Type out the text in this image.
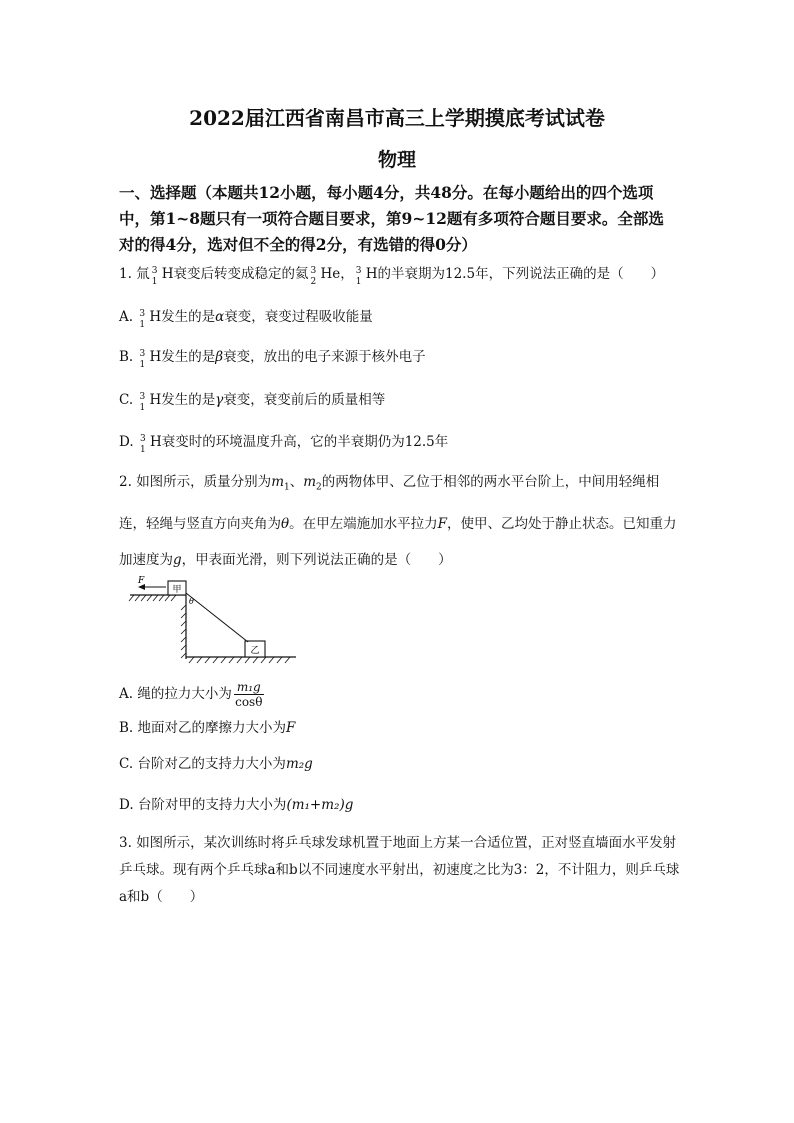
2022届江西省南昌市高三上学期摸底考试试卷
物理
一、选择题（本题共12小题，每小题4分，共48分。在每小题给出的四个选项中，第1~8题只有一项符合题目要求，第9~12题有多项符合题目要求。全部选对的得4分，选对但不全的得2分，有选错的得0分）
1. 氚 3
1 H衰变后转变成稳定的氦 3
2 He， 3
1 H的半衰期为12.5年，下列说法正确的是（　　）
A. 3
1 H发生的是α衰变，衰变过程吸收能量
B. 3
1 H发生的是β衰变，放出的电子来源于核外电子
C. 3
1 H发生的是γ衰变，衰变前后的质量相等
D. 3
1 H衰变时的环境温度升高，它的半衰期仍为12.5年
2. 如图所示，质量分别为$m_1$、$m_2$的两物体甲、乙位于相邻的两水平台阶上，中间用轻绳相连，轻绳与竖直方向夹角为θ。在甲左端施加水平拉力F，使甲、乙均处于静止状态。已知重力加速度为g，甲表面光滑，则下列说法正确的是（　　）
甲
乙
θ
F
A. 绳的拉力大小为 $\frac{\text{m₁g}}{\cos\theta}$
B. 地面对乙的摩擦力大小为F
C. 台阶对乙的支持力大小为m₂g
D. 台阶对甲的支持力大小为(m₁+m₂)g
3. 如图所示，某次训练时将乒乓球发球机置于地面上方某一合适位置，正对竖直墙面水平发射乒乓球。现有两个乒乓球a和b以不同速度水平射出，初速度之比为3：2，不计阻力，则乒乓球a和b（　　）
